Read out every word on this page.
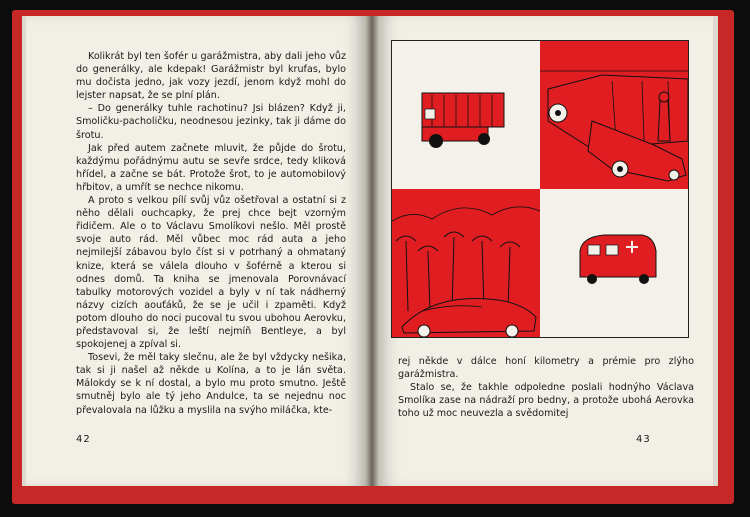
Kolikrát byl ten šofér u garážmistra, aby dali jeho vůz do generálky, ale kdepak! Garážmistr byl krufas, bylo mu dočista jedno, jak vozy jezdí, jenom když mohl do lejster napsat, že se plní plán.

– Do generálky tuhle rachotinu? Jsi blázen? Když ji, Smoličku-pacholičku, neodnesou jezinky, tak ji dáme do šrotu.

Jak před autem začnete mluvit, že půjde do šrotu, každýmu pořádnýmu autu se sevře srdce, tedy kliková hřídel, a začne se bát. Protože šrot, to je automobilový hřbitov, a umřít se nechce nikomu.

A proto s velkou pílí svůj vůz ošetřoval a ostatní si z něho dělali ouchcapky, že prej chce bejt vzorným řidičem. Ale o to Václavu Smolíkovi nešlo. Měl prostě svoje auto rád. Měl vůbec moc rád auta a jeho nejmilejší zábavou bylo číst si v potrhaný a ohmataný knize, která se válela dlouho v šoférně a kterou si odnes domů. Ta kniha se jmenovala Porovnávací tabulky motorových vozidel a byly v ní tak nádherný názvy cizích aouťáků, že se je učil i zpaměti. Když potom dlouho do noci pucoval tu svou ubohou Aerovku, představoval si, že leští nejmíň Bentleye, a byl spokojenej a zpíval si.

Tosevi, že měl taky slečnu, ale že byl vždycky nešika, tak si ji našel až někde u Kolína, a to je lán světa. Málokdy se k ní dostal, a bylo mu proto smutno. Ještě smutněj bylo ale tý jeho Andulce, ta se nejednu noc převalovala na lůžku a myslila na svýho miláčka, kte-

42

rej někde v dálce honí kilometry a prémie pro zlýho garážmistra.

Stalo se, že takhle odpoledne poslali hodnýho Václava Smolíka zase na nádraží pro bedny, a protože ubohá Aerovka toho už moc neuvezla a svědomitej

43
